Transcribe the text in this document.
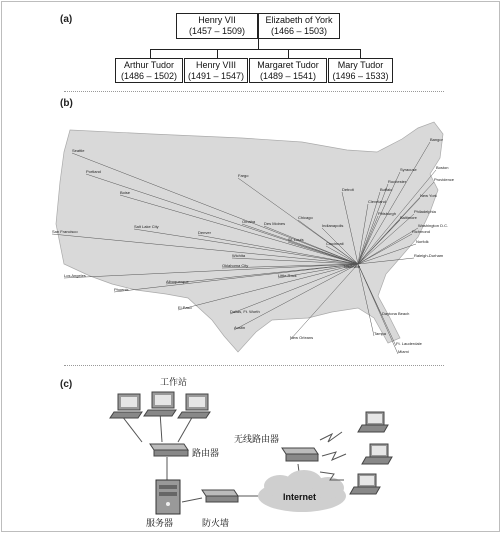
(a)	Henry VII
(1457 – 1509)
Elizabeth of York
(1466 – 1503)
Arthur Tudor
(1486 – 1502)
Henry VIII
(1491 – 1547)
Margaret Tudor
(1489 – 1541)
Mary Tudor
(1496 – 1533)
(b)
Seattle
Portland
Boise
Fargo
San Francisco
Salt Lake City
Denver
Omaha Des Moines
Chicago
Indianapolis
Cincinnati
St. Louis
Wichita
Oklahoma City
Little Rock
Los Angeles
Phoenix
Albuquerque
El Paso
Dallas, Ft. Worth
Austin
New Orleans
Tampa
Daytona Beach
Ft. Lauderdale
Miami
Raleigh-Durham
Norfolk
Richmond
Baltimore
Washington D.C.
Philadelphia
Pittsburgh
Cleveland
Detroit
Rochester
Syracuse
Buffalo
New York
Providence
Boston
Bangor
Nashville
(c)	工作站
路由器
无线路由器
服务器	防火墙
Internet
